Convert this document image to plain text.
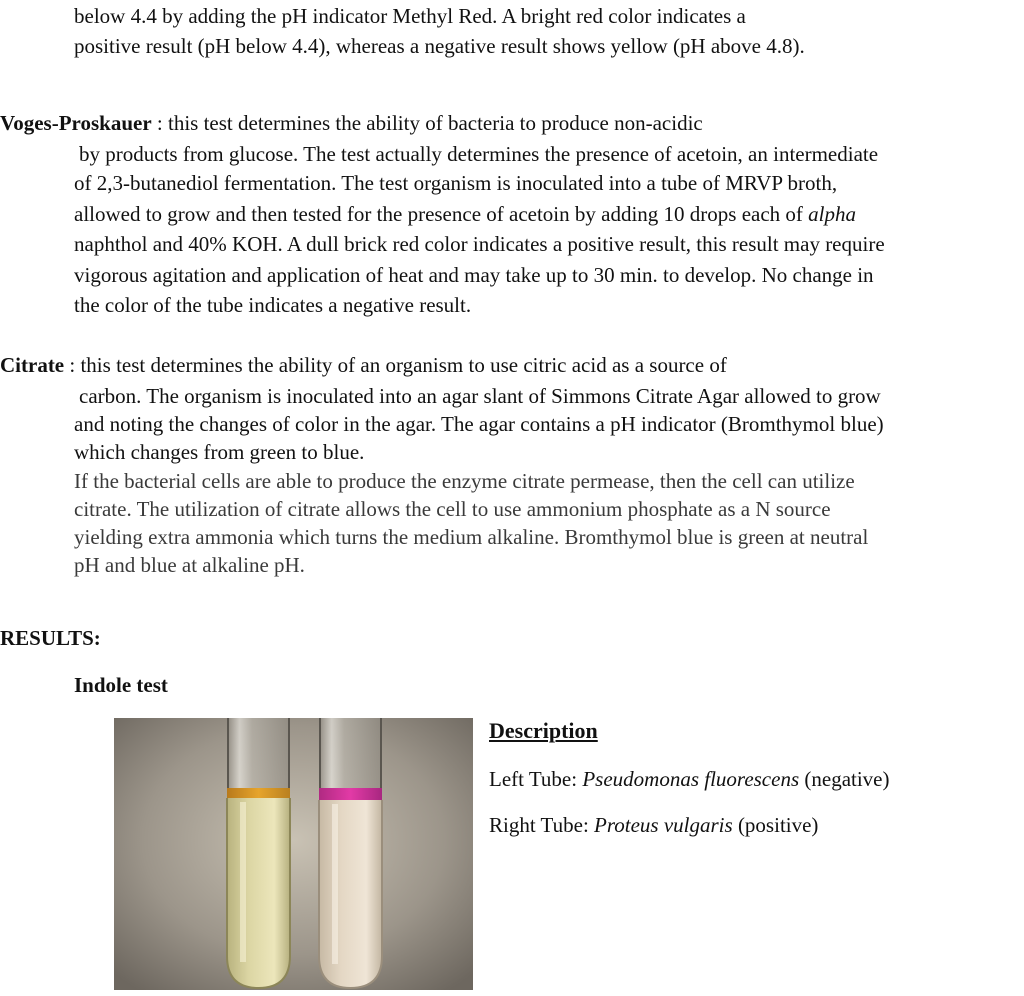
below 4.4 by adding the pH indicator Methyl Red. A bright red color indicates a
positive result (pH below 4.4), whereas a negative result shows yellow (pH above 4.8).
Voges-Proskauer : this test determines the ability of bacteria to produce non-acidic
by products from glucose. The test actually determines the presence of acetoin, an intermediate
of 2,3-butanediol fermentation. The test organism is inoculated into a tube of MRVP broth,
allowed to grow and then tested for the presence of acetoin by adding 10 drops each of alpha
naphthol and 40% KOH. A dull brick red color indicates a positive result, this result may require
vigorous agitation and application of heat and may take up to 30 min. to develop. No change in
the color of the tube indicates a negative result.
Citrate : this test determines the ability of an organism to use citric acid as a source of
carbon. The organism is inoculated into an agar slant of Simmons Citrate Agar allowed to grow
and noting the changes of color in the agar. The agar contains a pH indicator (Bromthymol blue)
which changes from green to blue.
If the bacterial cells are able to produce the enzyme citrate permease, then the cell can utilize
citrate. The utilization of citrate allows the cell to use ammonium phosphate as a N source
yielding extra ammonia which turns the medium alkaline. Bromthymol blue is green at neutral
pH and blue at alkaline pH.
RESULTS:
Indole test
Description
Left Tube: Pseudomonas fluorescens (negative)
Right Tube: Proteus vulgaris (positive)
